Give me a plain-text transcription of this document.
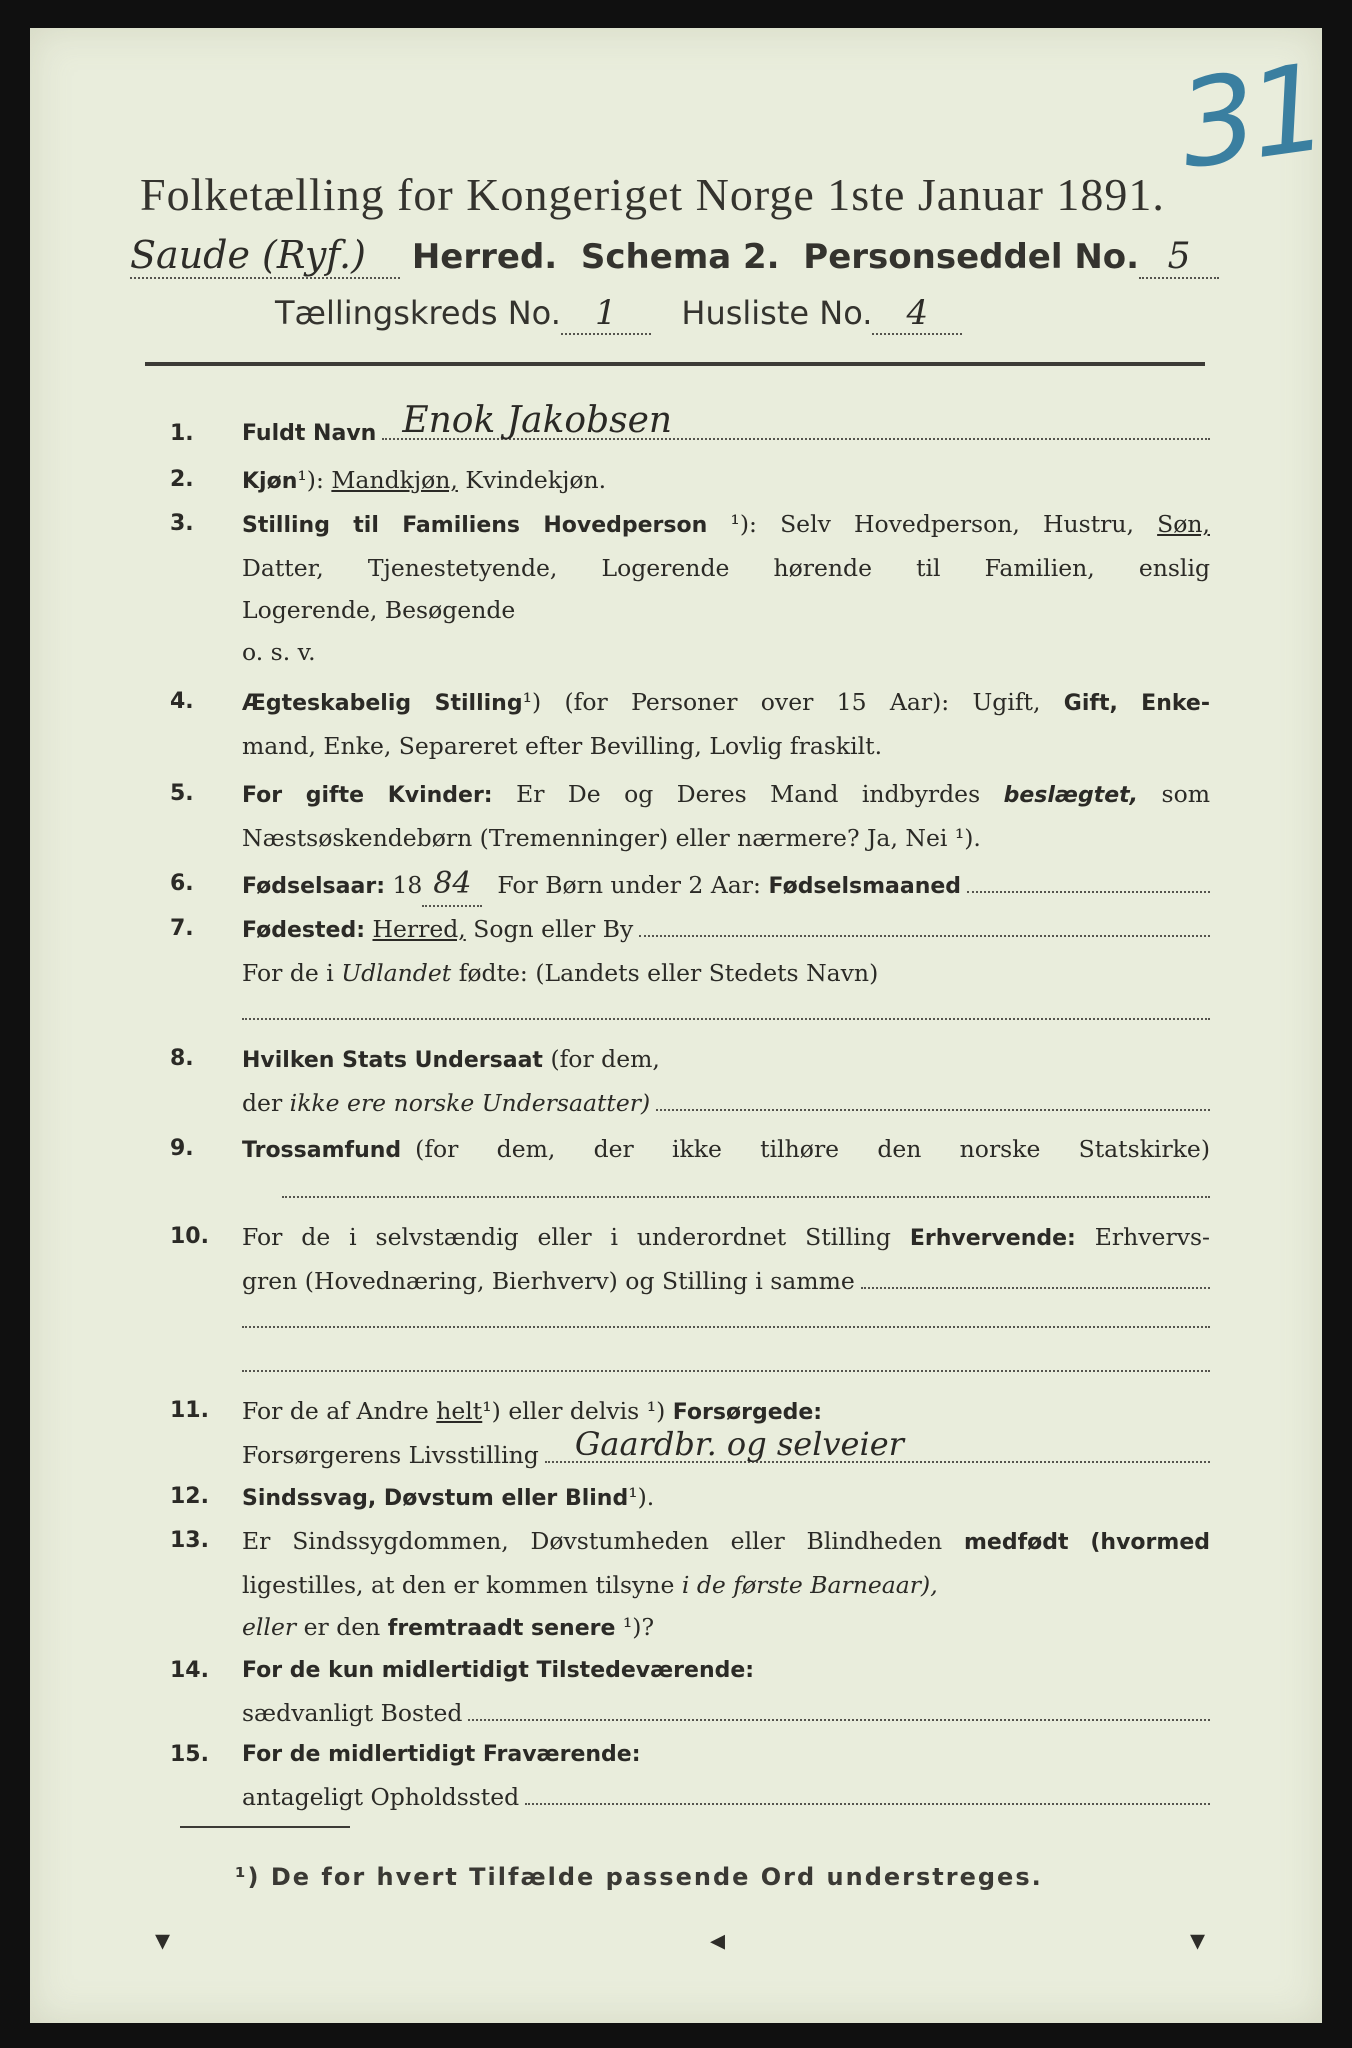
31
Folketælling for Kongeriget Norge 1ste Januar 1891.
Saude (Ryf.) Herred. Schema 2. Personseddel No. 5
Tællingskreds No. 1 Husliste No. 4
1. Fuldt Navn Enok Jakobsen
2. Kjøn¹): Mandkjøn, Kvindekjøn.
3. Stilling til Familiens Hovedperson ¹): Selv Hovedperson, Hustru, Søn,
Datter, Tjenestetyende, Logerende hørende til Familien, enslig
Logerende, Besøgende
o. s. v.
4. Ægteskabelig Stilling¹) (for Personer over 15 Aar): Ugift, Gift, Enke-
mand, Enke, Separeret efter Bevilling, Lovlig fraskilt.
5. For gifte Kvinder: Er De og Deres Mand indbyrdes beslægtet, som
Næstsøskendebørn (Tremenninger) eller nærmere? Ja, Nei ¹).
6. Fødselsaar:
18 84
	For Børn under 2 Aar:
Fødselsmaaned
7. Fødested:
Herred,
Sogn eller By
For de i Udlandet fødte: (Landets eller Stedets Navn)
8. Hvilken Stats Undersaat (for dem,
der
ikke ere norske Undersaatter)
9. Trossamfund (for dem, der ikke tilhøre den norske Statskirke)
10. For de i selvstændig eller i underordnet Stilling Erhvervende: Erhvervs-
gren (Hovednæring, Bierhverv) og Stilling i samme
11. For de af Andre helt¹) eller delvis ¹) Forsørgede:
Forsørgerens Livsstilling Gaardbr. og selveier
12. Sindssvag, Døvstum eller Blind¹).
13. Er Sindssygdommen, Døvstumheden eller Blindheden medfødt (hvormed
ligestilles, at den er kommen tilsyne i de første Barneaar),
eller er den fremtraadt senere ¹)?
14. For de kun midlertidigt Tilstedeværende:
sædvanligt Bosted
15. For de midlertidigt Fraværende:
antageligt Opholdssted
¹) De for hvert Tilfælde passende Ord understreges.
▾	◂	▾
